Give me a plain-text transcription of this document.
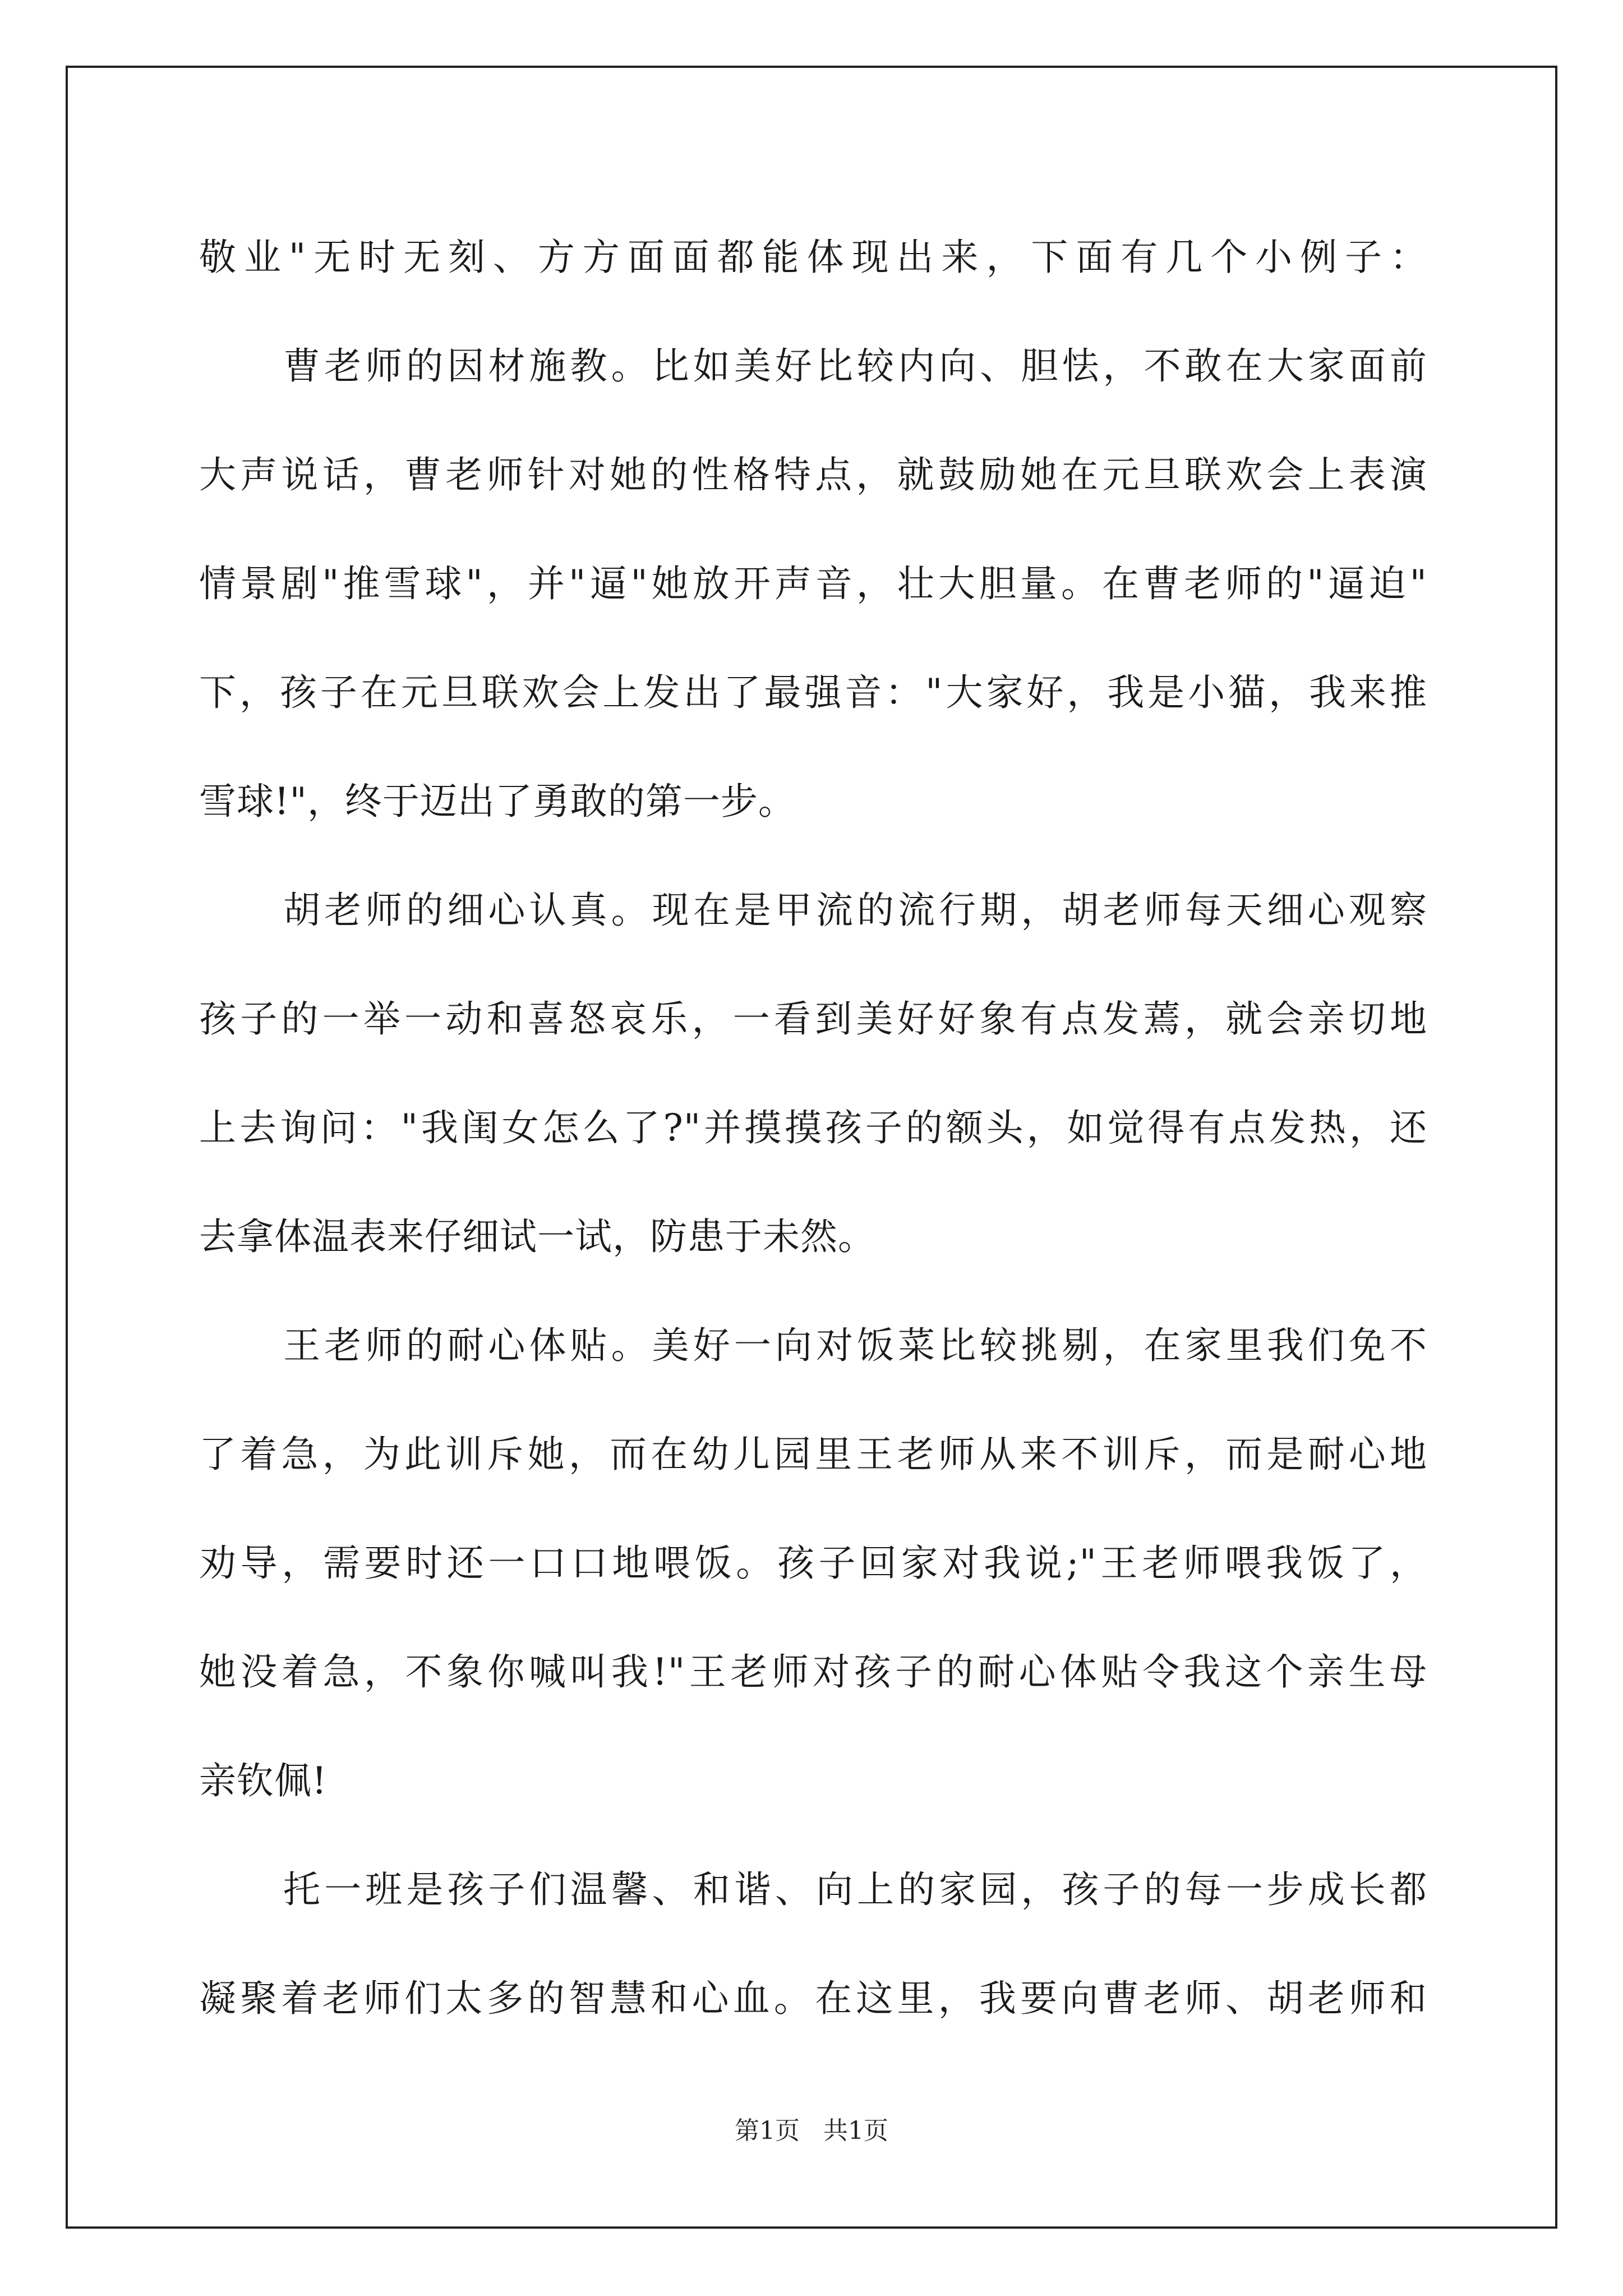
敬业"无时无刻、方方面面都能体现出来，下面有几个小例子：
曹老师的因材施教。比如美好比较内向、胆怯，不敢在大家面前
大声说话，曹老师针对她的性格特点，就鼓励她在元旦联欢会上表演
情景剧"推雪球"，并"逼"她放开声音，壮大胆量。在曹老师的"逼迫"
下，孩子在元旦联欢会上发出了最强音："大家好，我是小猫，我来推
雪球!"，终于迈出了勇敢的第一步。
胡老师的细心认真。现在是甲流的流行期，胡老师每天细心观察
孩子的一举一动和喜怒哀乐，一看到美好好象有点发蔫，就会亲切地
上去询问："我闺女怎么了?"并摸摸孩子的额头，如觉得有点发热，还
去拿体温表来仔细试一试，防患于未然。
王老师的耐心体贴。美好一向对饭菜比较挑剔，在家里我们免不
了着急，为此训斥她，而在幼儿园里王老师从来不训斥，而是耐心地
劝导，需要时还一口口地喂饭。孩子回家对我说;"王老师喂我饭了，
她没着急，不象你喊叫我!"王老师对孩子的耐心体贴令我这个亲生母
亲钦佩!
托一班是孩子们温馨、和谐、向上的家园，孩子的每一步成长都
凝聚着老师们太多的智慧和心血。在这里，我要向曹老师、胡老师和
第1页 共1页
